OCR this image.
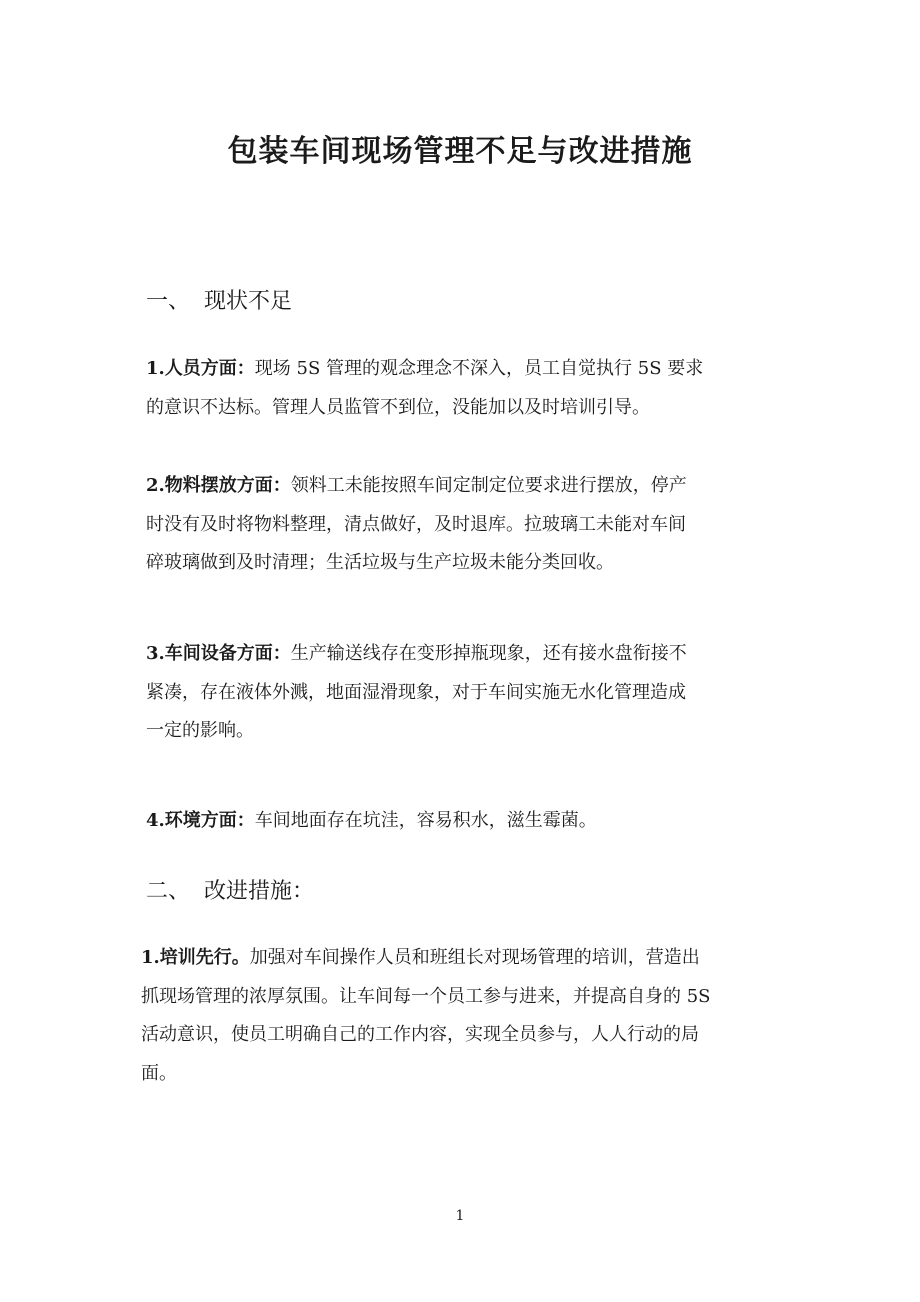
包装车间现场管理不足与改进措施
一、 现状不足
1.人员方面：现场 5S 管理的观念理念不深入，员工自觉执行 5S 要求
的意识不达标。管理人员监管不到位，没能加以及时培训引导。
2.物料摆放方面：领料工未能按照车间定制定位要求进行摆放，停产
时没有及时将物料整理，清点做好，及时退库。拉玻璃工未能对车间
碎玻璃做到及时清理；生活垃圾与生产垃圾未能分类回收。
3.车间设备方面：生产输送线存在变形掉瓶现象，还有接水盘衔接不
紧凑，存在液体外溅，地面湿滑现象，对于车间实施无水化管理造成
一定的影响。
4.环境方面：车间地面存在坑洼，容易积水，滋生霉菌。
二、 改进措施：
1.培训先行。加强对车间操作人员和班组长对现场管理的培训，营造出
抓现场管理的浓厚氛围。让车间每一个员工参与进来，并提高自身的 5S
活动意识，使员工明确自己的工作内容，实现全员参与，人人行动的局
面。
1
